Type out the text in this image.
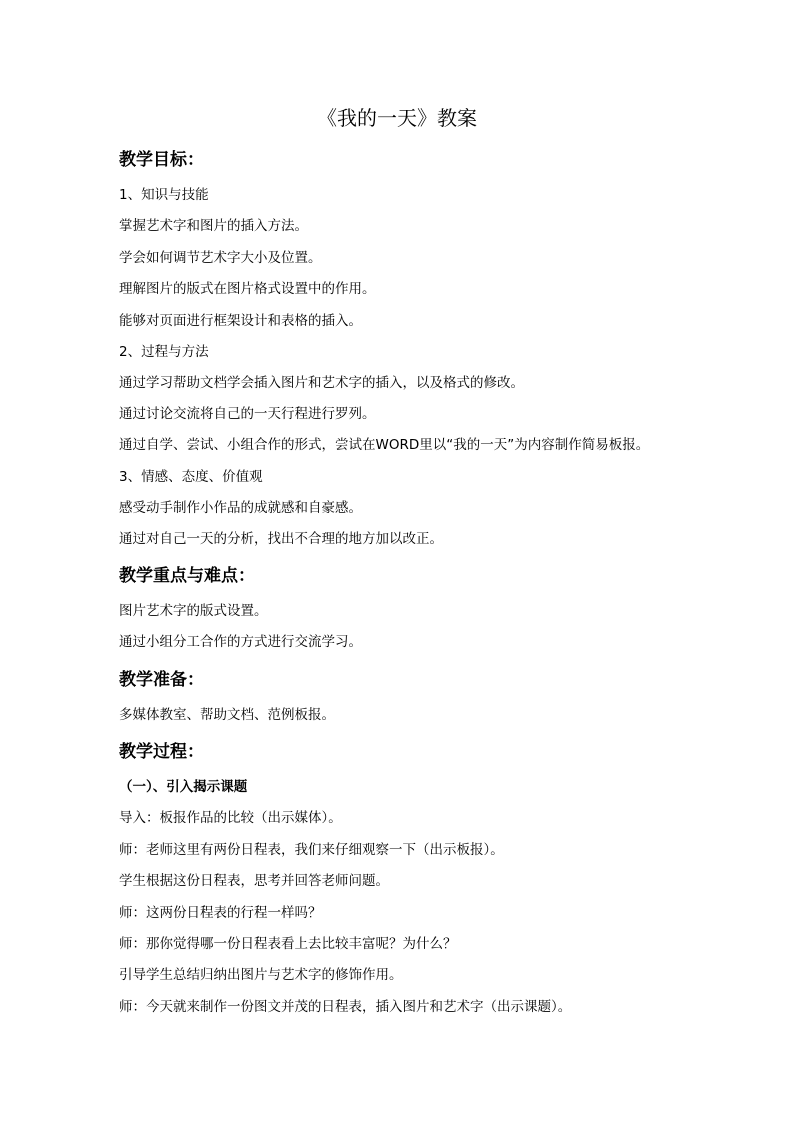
《我的一天》教案
教学目标：
1、知识与技能
掌握艺术字和图片的插入方法。
学会如何调节艺术字大小及位置。
理解图片的版式在图片格式设置中的作用。
能够对页面进行框架设计和表格的插入。
2、过程与方法
通过学习帮助文档学会插入图片和艺术字的插入，以及格式的修改。
通过讨论交流将自己的一天行程进行罗列。
通过自学、尝试、小组合作的形式，尝试在WORD里以“我的一天”为内容制作简易板报。
3、情感、态度、价值观
感受动手制作小作品的成就感和自豪感。
通过对自己一天的分析，找出不合理的地方加以改正。
教学重点与难点：
图片艺术字的版式设置。
通过小组分工合作的方式进行交流学习。
教学准备：
多媒体教室、帮助文档、范例板报。
教学过程：
（一）、引入揭示课题
导入：板报作品的比较（出示媒体）。
师：老师这里有两份日程表，我们来仔细观察一下（出示板报）。
学生根据这份日程表，思考并回答老师问题。
师：这两份日程表的行程一样吗？
师：那你觉得哪一份日程表看上去比较丰富呢？为什么？
引导学生总结归纳出图片与艺术字的修饰作用。
师：今天就来制作一份图文并茂的日程表，插入图片和艺术字（出示课题）。
